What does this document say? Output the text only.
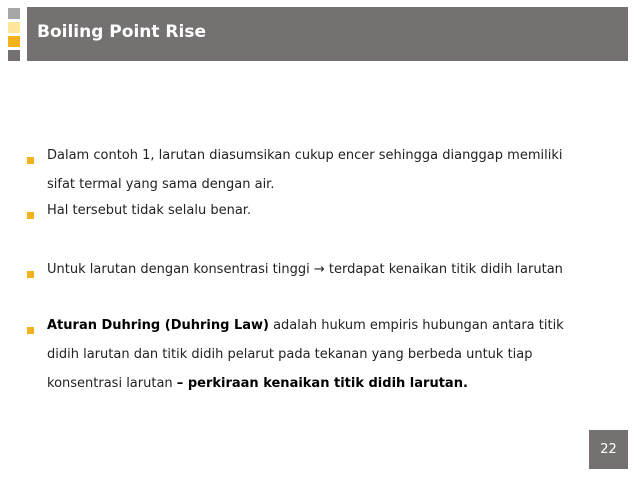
Boiling Point Rise
Dalam contoh 1, larutan diasumsikan cukup encer sehingga dianggap memiliki
sifat termal yang sama dengan air.
Hal tersebut tidak selalu benar.
Untuk larutan dengan konsentrasi tinggi → terdapat kenaikan titik didih larutan
Aturan Duhring (Duhring Law) adalah hukum empiris hubungan antara titik
didih larutan dan titik didih pelarut pada tekanan yang berbeda untuk tiap
konsentrasi larutan – perkiraan kenaikan titik didih larutan.
22
